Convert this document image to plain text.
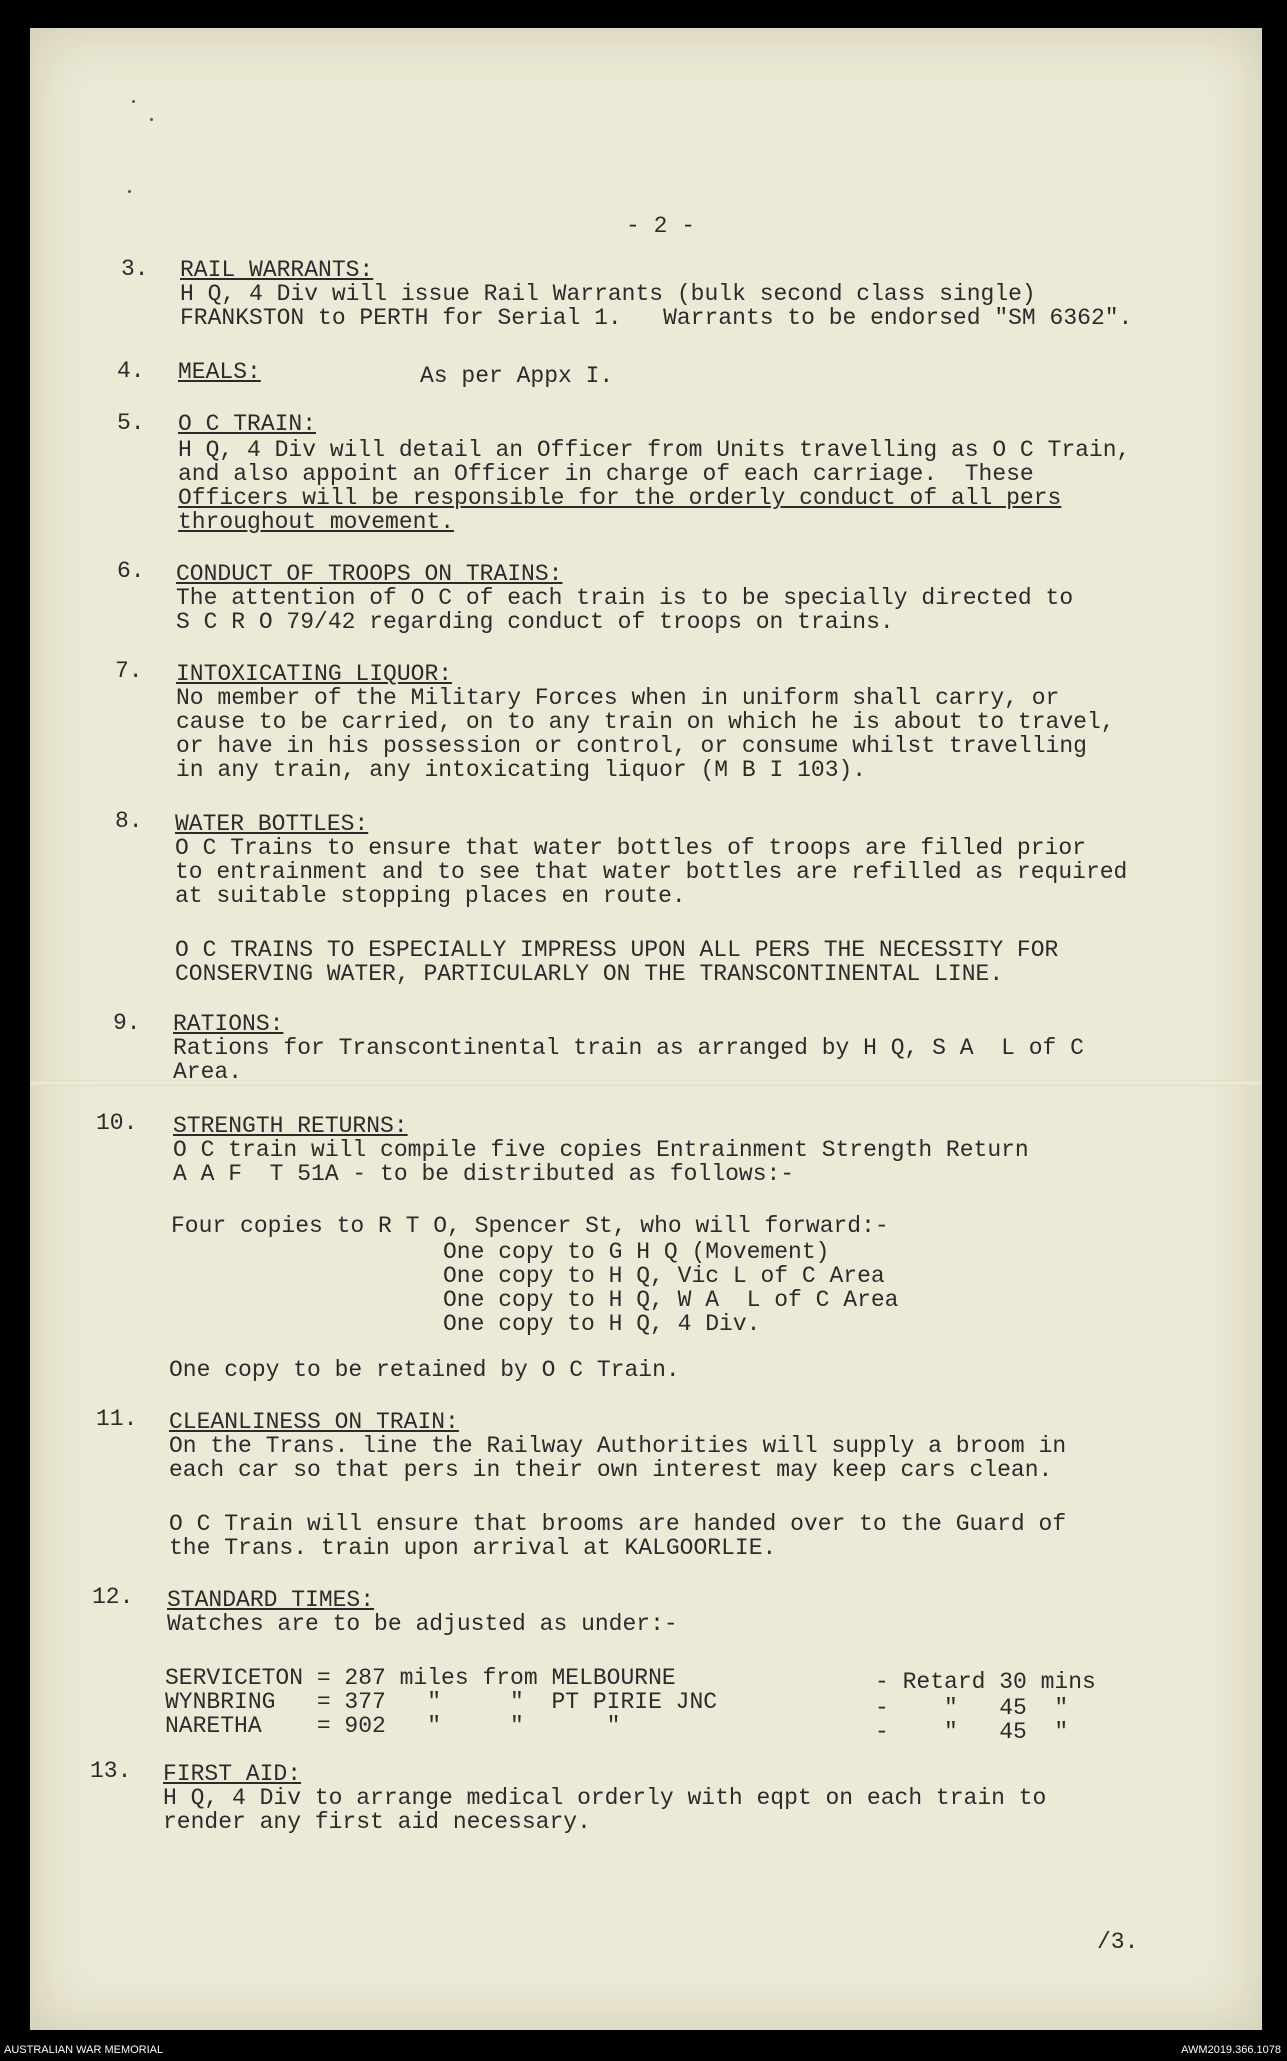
- 2 -
3. RAIL WARRANTS:
H Q, 4 Div will issue Rail Warrants (bulk second class single)
FRANKSTON to PERTH for Serial 1.   Warrants to be endorsed "SM 6362".
4. MEALS:	As per Appx I.
5. O C TRAIN:
H Q, 4 Div will detail an Officer from Units travelling as O C Train,
and also appoint an Officer in charge of each carriage.  These
Officers will be responsible for the orderly conduct of all pers
throughout movement.
6. CONDUCT OF TROOPS ON TRAINS:
The attention of O C of each train is to be specially directed to
S C R O 79/42 regarding conduct of troops on trains.
7. INTOXICATING LIQUOR:
No member of the Military Forces when in uniform shall carry, or
cause to be carried, on to any train on which he is about to travel,
or have in his possession or control, or consume whilst travelling
in any train, any intoxicating liquor (M B I 103).
8. WATER BOTTLES:
O C Trains to ensure that water bottles of troops are filled prior
to entrainment and to see that water bottles are refilled as required
at suitable stopping places en route.
O C TRAINS TO ESPECIALLY IMPRESS UPON ALL PERS THE NECESSITY FOR
CONSERVING WATER, PARTICULARLY ON THE TRANSCONTINENTAL LINE.
9. RATIONS:
Rations for Transcontinental train as arranged by H Q, S A  L of C
Area.
10. STRENGTH RETURNS:
O C train will compile five copies Entrainment Strength Return
A A F  T 51A - to be distributed as follows:-
Four copies to R T O, Spencer St, who will forward:-
One copy to G H Q (Movement)
One copy to H Q, Vic L of C Area
One copy to H Q, W A  L of C Area
One copy to H Q, 4 Div.
One copy to be retained by O C Train.
11. CLEANLINESS ON TRAIN:
On the Trans. line the Railway Authorities will supply a broom in
each car so that pers in their own interest may keep cars clean.
O C Train will ensure that brooms are handed over to the Guard of
the Trans. train upon arrival at KALGOORLIE.
12. STANDARD TIMES:
Watches are to be adjusted as under:-
SERVICETON = 287 miles from MELBOURNE	- Retard 30 mins
WYNBRING   = 377   "     "  PT PIRIE JNC	-    "   45  "
NARETHA    = 902   "     "      "	-    "   45  "
13. FIRST AID:
H Q, 4 Div to arrange medical orderly with eqpt on each train to
render any first aid necessary.
/3.
AUSTRALIAN WAR MEMORIAL	AWM2019.366.1078
